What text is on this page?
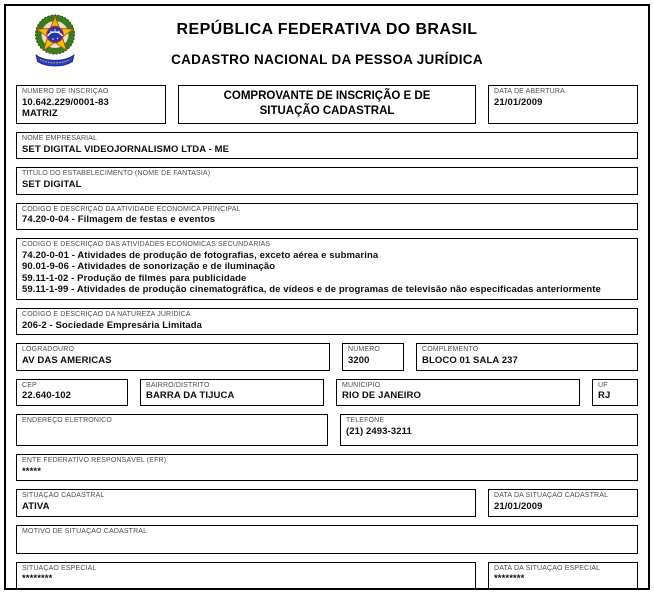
REPÚBLICA FEDERATIVA DO BRASIL
CADASTRO NACIONAL DA PESSOA JURÍDICA
NÚMERO DE INSCRIÇÃO
10.642.229/0001-83
MATRIZ
COMPROVANTE DE INSCRIÇÃO E DE SITUAÇÃO CADASTRAL
DATA DE ABERTURA
21/01/2009
NOME EMPRESARIAL
SET DIGITAL VIDEOJORNALISMO LTDA - ME
TÍTULO DO ESTABELECIMENTO (NOME DE FANTASIA)
SET DIGITAL
CÓDIGO E DESCRIÇÃO DA ATIVIDADE ECONÔMICA PRINCIPAL
74.20-0-04 - Filmagem de festas e eventos
CÓDIGO E DESCRIÇÃO DAS ATIVIDADES ECONÔMICAS SECUNDÁRIAS
74.20-0-01 - Atividades de produção de fotografias, exceto aérea e submarina
90.01-9-06 - Atividades de sonorização e de iluminação
59.11-1-02 - Produção de filmes para publicidade
59.11-1-99 - Atividades de produção cinematográfica, de vídeos e de programas de televisão não especificadas anteriormente
CÓDIGO E DESCRIÇÃO DA NATUREZA JURÍDICA
206-2 - Sociedade Empresária Limitada
LOGRADOURO
AV DAS AMERICAS
NÚMERO
3200
COMPLEMENTO
BLOCO 01 SALA 237
CEP
22.640-102
BAIRRO/DISTRITO
BARRA DA TIJUCA
MUNICÍPIO
RIO DE JANEIRO
UF
RJ
ENDEREÇO ELETRÔNICO	TELEFONE
(21) 2493-3211
ENTE FEDERATIVO RESPONSÁVEL (EFR)
*****
SITUAÇÃO CADASTRAL
ATIVA
DATA DA SITUAÇÃO CADASTRAL
21/01/2009
MOTIVO DE SITUAÇÃO CADASTRAL
SITUAÇÃO ESPECIAL
********
DATA DA SITUAÇÃO ESPECIAL
********
